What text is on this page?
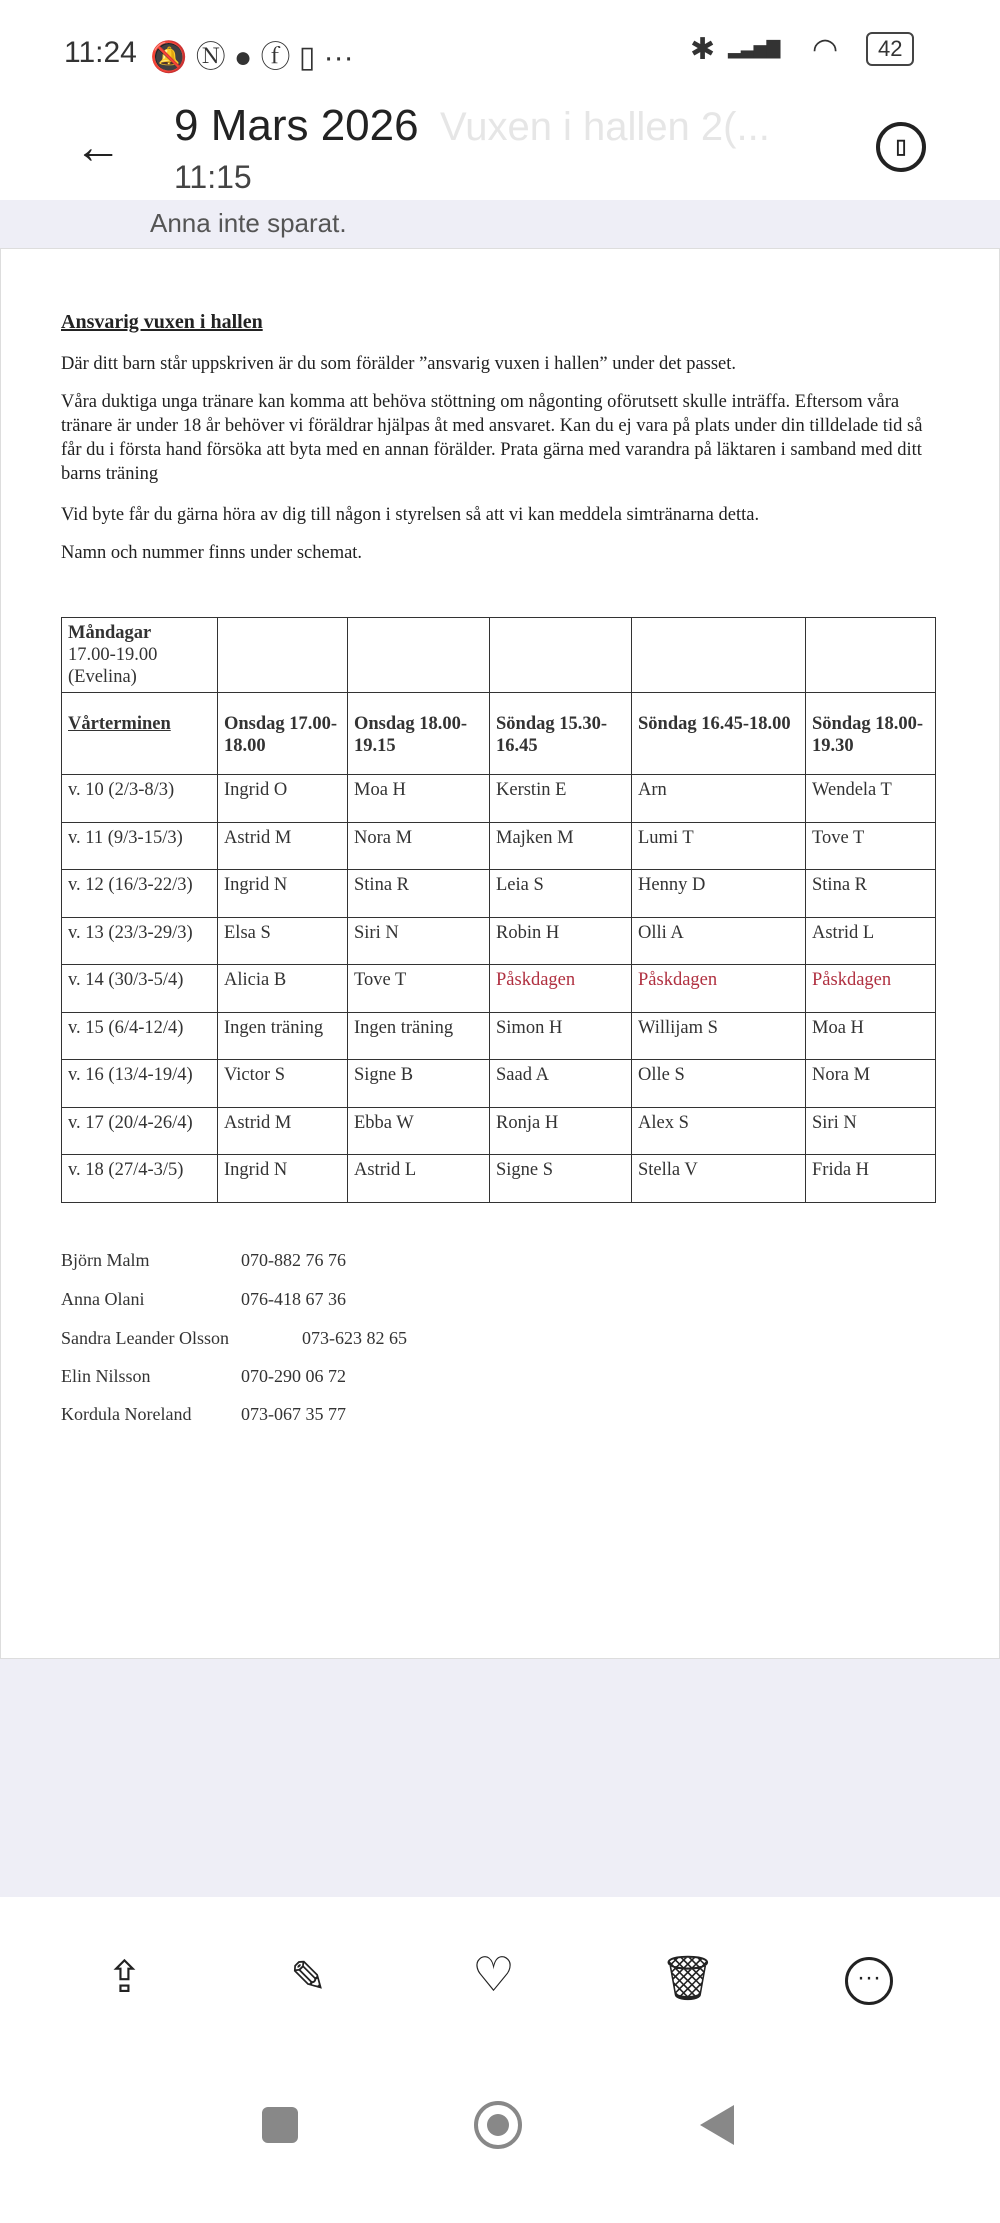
11:24 🔕 Ⓝ ● ⓕ ▯ ···	✱ ▂▃▅▇ ◠	42
Vuxen i hallen 2(...
← 9 Mars 2026
11:15
▯
Anna inte sparat.
Ansvarig vuxen i hallen

Där ditt barn står uppskriven är du som förälder ”ansvarig vuxen i hallen” under det passet.

Våra duktiga unga tränare kan komma att behöva stöttning om någonting oförutsett skulle inträffa. Eftersom våra tränare är under 18 år behöver vi föräldrar hjälpas åt med ansvaret. Kan du ej vara på plats under din tilldelade tid så får du i första hand försöka att byta med en annan förälder. Prata gärna med varandra på läktaren i samband med ditt barns träning

Vid byte får du gärna höra av dig till någon i styrelsen så att vi kan meddela simtränarna detta.

Namn och nummer finns under schemat.

Måndagar
17.00-19.00
(Evelina)					
Vårterminen	Onsdag 17.00-18.00	Onsdag 18.00-19.15	Söndag 15.30-16.45	Söndag 16.45-18.00	Söndag 18.00-19.30
v. 10 (2/3-8/3)	Ingrid O	Moa H	Kerstin E	Arn	Wendela T
v. 11 (9/3-15/3)	Astrid M	Nora M	Majken M	Lumi T	Tove T
v. 12 (16/3-22/3)	Ingrid N	Stina R	Leia S	Henny D	Stina R
v. 13 (23/3-29/3)	Elsa S	Siri N	Robin H	Olli A	Astrid L
v. 14 (30/3-5/4)	Alicia B	Tove T	Påskdagen	Påskdagen	Påskdagen
v. 15 (6/4-12/4)	Ingen träning	Ingen träning	Simon H	Willijam S	Moa H
v. 16 (13/4-19/4)	Victor S	Signe B	Saad A	Olle S	Nora M
v. 17 (20/4-26/4)	Astrid M	Ebba W	Ronja H	Alex S	Siri N
v. 18 (27/4-3/5)	Ingrid N	Astrid L	Signe S	Stella V	Frida H
Björn Malm	070-882 76 76
Anna Olani	076-418 67 36
Sandra Leander Olsson	073-623 82 65
Elin Nilsson	070-290 06 72
Kordula Noreland	073-067 35 77
⇪	✎	♡	🗑	···
